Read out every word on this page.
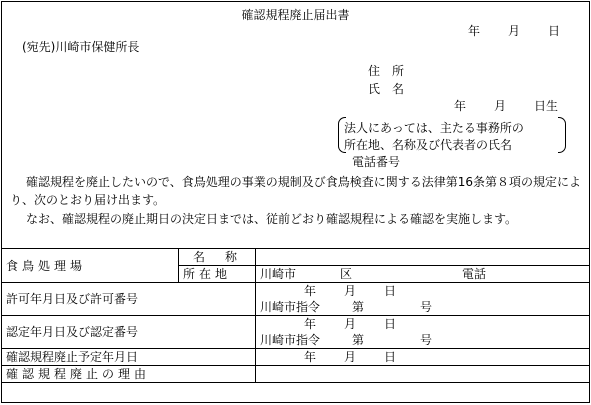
確認規程廃止届出書
年 月 日
(宛先)川崎市保健所長
住　所
氏　名
年 月 日生
法人にあっては、主たる事務所の
所在地、名称及び代表者の氏名
電話番号
確認規程を廃止したいので、食鳥処理の事業の規制及び食鳥検査に関する法律第16条第８項の規定により、次のとおり届け出ます。
なお、確認規程の廃止期日の決定日までは、従前どおり確認規程による確認を実施します。
食鳥処理場	名　称	
	所在地	川崎市 区 電話
許可年月日及び許可番号		年 月 日
川崎市指令 第 号

認定年月日及び認定番号		年 月 日
川崎市指令 第 号

確認規程廃止予定年月日		年 月 日
確認規程廃止の理由		
